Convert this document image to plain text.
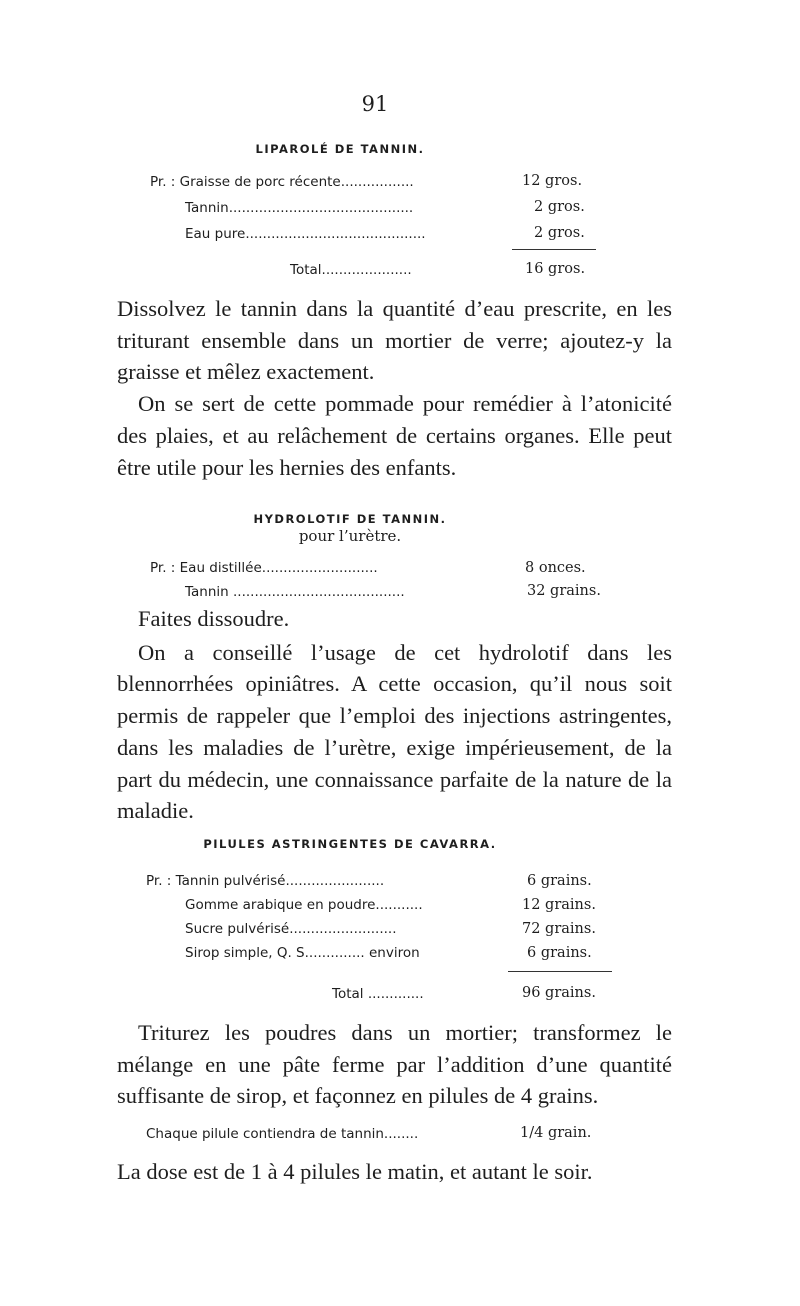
91
LIPAROLÉ DE TANNIN.
Pr. : Graisse de porc récente.................	12 gros.
Tannin...........................................	2 gros.
Eau pure..........................................	2 gros.
Total.....................	16 gros.

Dissolvez le tannin dans la quantité d’eau prescrite, en les triturant ensemble dans un mortier de verre; ajoutez-y la graisse et mêlez exactement.

On se sert de cette pommade pour remédier à l’atonicité des plaies, et au relâchement de certains organes. Elle peut être utile pour les hernies des enfants.

HYDROLOTIF DE TANNIN.
pour l’urètre.
Pr. : Eau distillée...........................	8 onces.
Tannin ........................................	32 grains.

Faites dissoudre.

On a conseillé l’usage de cet hydrolotif dans les blennorrhées opiniâtres. A cette occasion, qu’il nous soit permis de rappeler que l’emploi des injections astringentes, dans les maladies de l’urètre, exige impérieusement, de la part du médecin, une connaissance parfaite de la nature de la maladie.

PILULES ASTRINGENTES DE CAVARRA.
Pr. : Tannin pulvérisé.......................	6 grains.
Gomme arabique en poudre...........	12 grains.
Sucre pulvérisé.........................	72 grains.
Sirop simple, Q. S.............. environ	6 grains.
Total .............	96 grains.

Triturez les poudres dans un mortier; transformez le mélange en une pâte ferme par l’addition d’une quantité suffisante de sirop, et façonnez en pilules de 4 grains.

Chaque pilule contiendra de tannin........	1/4 grain.

La dose est de 1 à 4 pilules le matin, et autant le soir.
